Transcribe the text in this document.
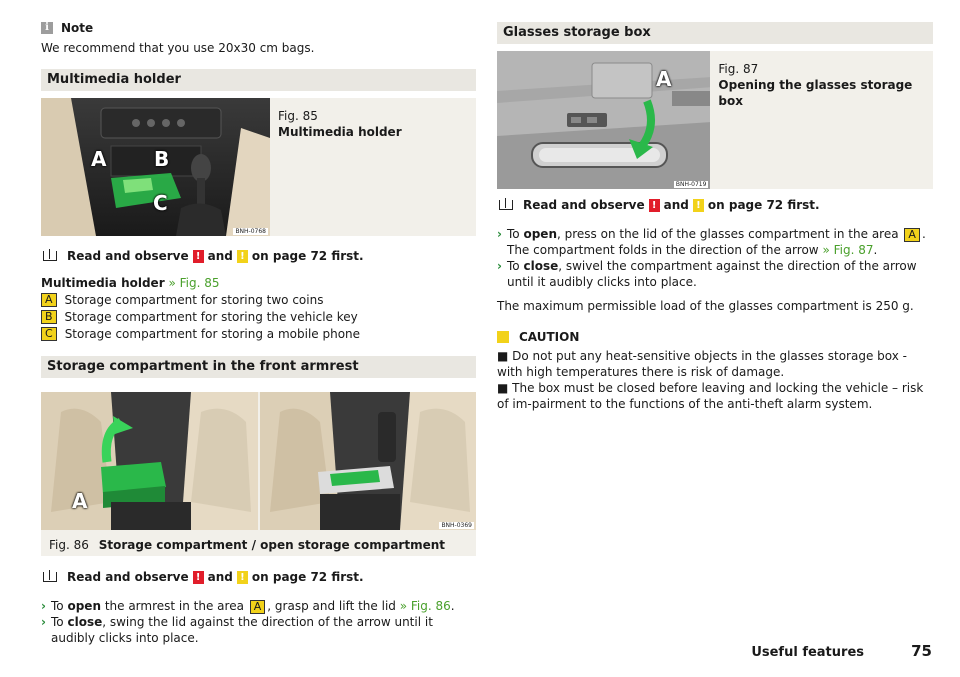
i	Note
We recommend that you use 20x30 cm bags.
Multimedia holder
A B
C
BNH-0768
Fig. 85
Multimedia holder
Read and observe ! and ! on page 72 first.
Multimedia holder » Fig. 85
A	Storage compartment for storing two coins
B	Storage compartment for storing the vehicle key
C	Storage compartment for storing a mobile phone
Storage compartment in the front armrest
A
BNH-0369
Fig. 86 Storage compartment / open storage compartment
Read and observe ! and ! on page 72 first.
› To open the armrest in the area A , grasp and lift the lid » Fig. 86.
› To close, swing the lid against the direction of the arrow until it audibly clicks into place.
Glasses storage box
A
BNH-0719
Fig. 87
Opening the glasses storage box
Read and observe ! and ! on page 72 first.
› To open, press on the lid of the glasses compartment in the area A . The compartment folds in the direction of the arrow » Fig. 87.
› To close, swivel the compartment against the direction of the arrow until it audibly clicks into place.
The maximum permissible load of the glasses compartment is 250 g.
CAUTION
■ Do not put any heat-sensitive objects in the glasses storage box - with high temperatures there is risk of damage.
■ The box must be closed before leaving and locking the vehicle – risk of im-pairment to the functions of the anti-theft alarm system.
Useful features	75
